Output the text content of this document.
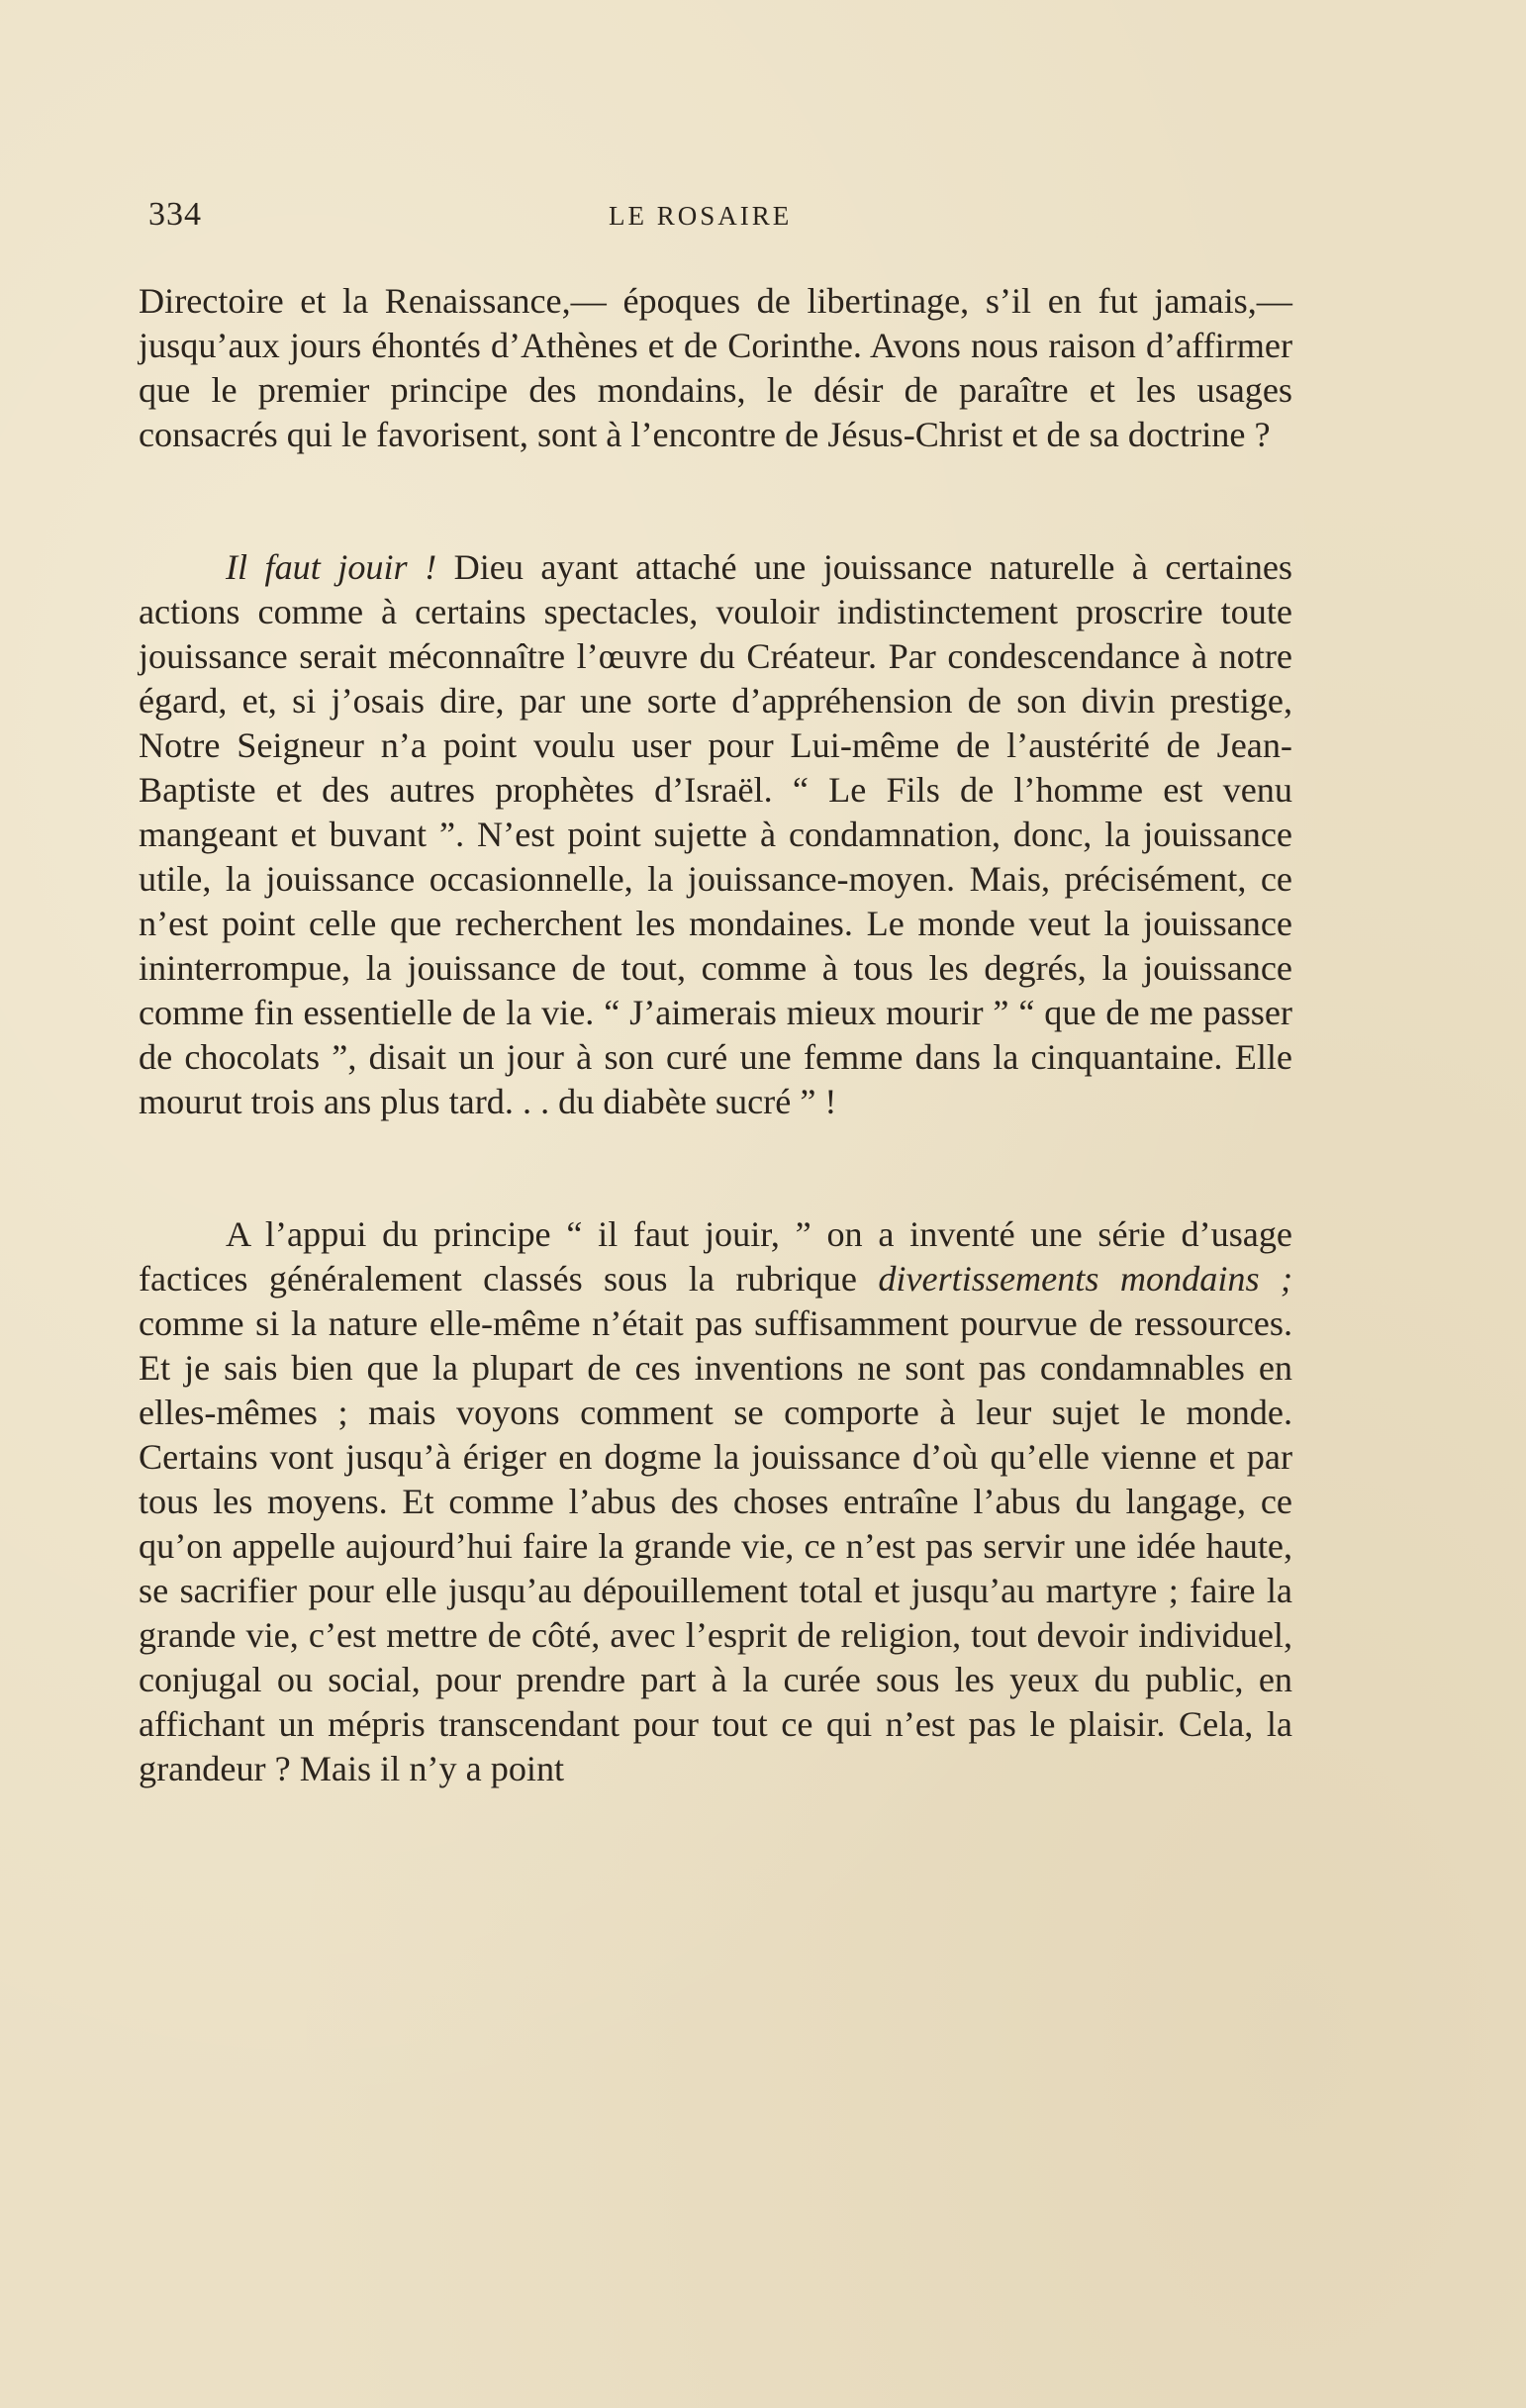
334	LE ROSAIRE

Directoire et la Renaissance,— époques de libertinage, s’il en fut jamais,—jusqu’aux jours éhontés d’Athènes et de Corinthe. Avons nous raison d’affirmer que le premier principe des mondains, le désir de paraître et les usages consacrés qui le favorisent, sont à l’encontre de Jésus-Christ et de sa doctrine ?

Il faut jouir ! Dieu ayant attaché une jouissance naturelle à certaines actions comme à certains spectacles, vouloir indistinctement proscrire toute jouissance serait méconnaître l’œuvre du Créateur. Par condescendance à notre égard, et, si j’osais dire, par une sorte d’appréhension de son divin prestige, Notre Seigneur n’a point voulu user pour Lui-même de l’austérité de Jean-Baptiste et des autres prophètes d’Israël. “ Le Fils de l’homme est venu mangeant et buvant ”. N’est point sujette à condamnation, donc, la jouissance utile, la jouissance occasionnelle, la jouissance-moyen. Mais, précisément, ce n’est point celle que recherchent les mondaines. Le monde veut la jouissance ininterrompue, la jouissance de tout, comme à tous les degrés, la jouissance comme fin essentielle de la vie. “ J’aimerais mieux mourir ” “ que de me passer de chocolats ”, disait un jour à son curé une femme dans la cinquantaine. Elle mourut trois ans plus tard. . . du diabète sucré ” !

A l’appui du principe “ il faut jouir, ” on a inventé une série d’usage factices généralement classés sous la rubrique divertissements mondains ; comme si la nature elle-même n’était pas suffisamment pourvue de ressources. Et je sais bien que la plupart de ces inventions ne sont pas condamnables en elles-mêmes ; mais voyons comment se comporte à leur sujet le monde. Certains vont jusqu’à ériger en dogme la jouissance d’où qu’elle vienne et par tous les moyens. Et comme l’abus des choses entraîne l’abus du langage, ce qu’on appelle aujourd’hui faire la grande vie, ce n’est pas servir une idée haute, se sacrifier pour elle jusqu’au dépouillement total et jusqu’au martyre ; faire la grande vie, c’est mettre de côté, avec l’esprit de religion, tout devoir individuel, conjugal ou social, pour prendre part à la curée sous les yeux du public, en affichant un mépris transcendant pour tout ce qui n’est pas le plaisir. Cela, la grandeur ? Mais il n’y a point
